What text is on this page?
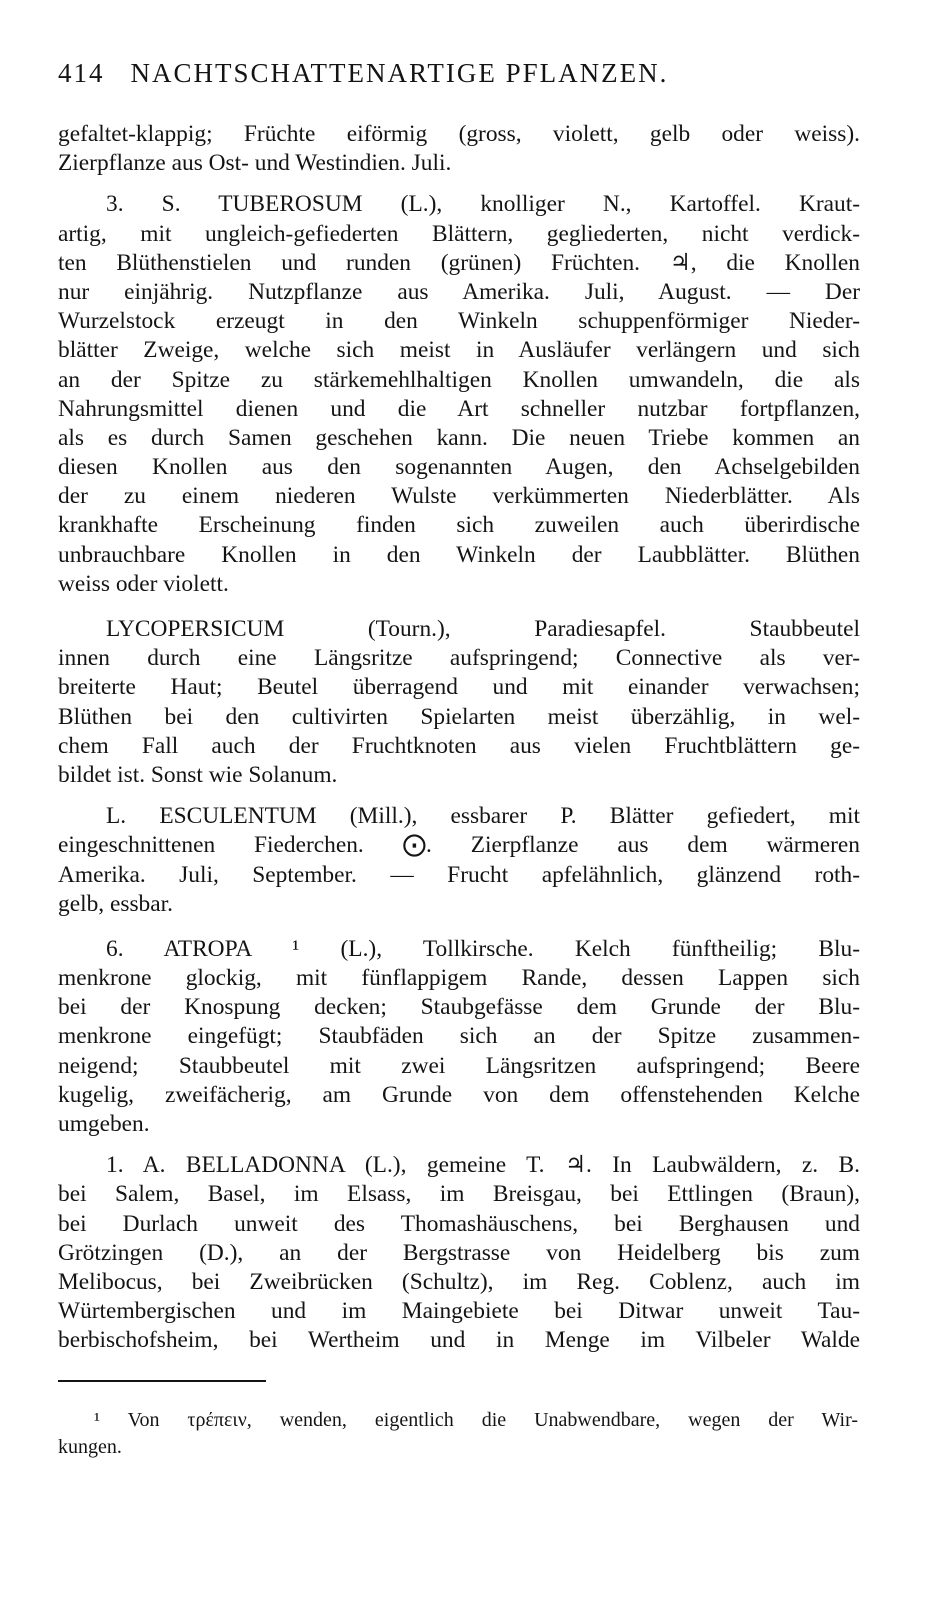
414 NACHTSCHATTENARTIGE PFLANZEN.
gefaltet-klappig; Früchte eiförmig (gross, violett, gelb oder weiss).
Zierpflanze aus Ost- und Westindien. Juli.
3. S. TUBEROSUM (L.), knolliger N., Kartoffel. Kraut-
artig, mit ungleich-gefiederten Blättern, gegliederten, nicht verdick-
ten Blüthenstielen und runden (grünen) Früchten. ♃, die Knollen
nur einjährig. Nutzpflanze aus Amerika. Juli, August. — Der
Wurzelstock erzeugt in den Winkeln schuppenförmiger Nieder-
blätter Zweige, welche sich meist in Ausläufer verlängern und sich
an der Spitze zu stärkemehlhaltigen Knollen umwandeln, die als
Nahrungsmittel dienen und die Art schneller nutzbar fortpflanzen,
als es durch Samen geschehen kann. Die neuen Triebe kommen an
diesen Knollen aus den sogenannten Augen, den Achselgebilden
der zu einem niederen Wulste verkümmerten Niederblätter. Als
krankhafte Erscheinung finden sich zuweilen auch überirdische
unbrauchbare Knollen in den Winkeln der Laubblätter. Blüthen
weiss oder violett.
LYCOPERSICUM (Tourn.), Paradiesapfel. Staubbeutel
innen durch eine Längsritze aufspringend; Connective als ver-
breiterte Haut; Beutel überragend und mit einander verwachsen;
Blüthen bei den cultivirten Spielarten meist überzählig, in wel-
chem Fall auch der Fruchtknoten aus vielen Fruchtblättern ge-
bildet ist. Sonst wie Solanum.
L. ESCULENTUM (Mill.), essbarer P. Blätter gefiedert, mit
eingeschnittenen Fiederchen. ⨀. Zierpflanze aus dem wärmeren
Amerika. Juli, September. — Frucht apfelähnlich, glänzend roth-
gelb, essbar.
6. ATROPA ¹ (L.), Tollkirsche. Kelch fünftheilig; Blu-
menkrone glockig, mit fünflappigem Rande, dessen Lappen sich
bei der Knospung decken; Staubgefässe dem Grunde der Blu-
menkrone eingefügt; Staubfäden sich an der Spitze zusammen-
neigend; Staubbeutel mit zwei Längsritzen aufspringend; Beere
kugelig, zweifächerig, am Grunde von dem offenstehenden Kelche
umgeben.
1. A. BELLADONNA (L.), gemeine T. ♃. In Laubwäldern, z. B.
bei Salem, Basel, im Elsass, im Breisgau, bei Ettlingen (Braun),
bei Durlach unweit des Thomashäuschens, bei Berghausen und
Grötzingen (D.), an der Bergstrasse von Heidelberg bis zum
Melibocus, bei Zweibrücken (Schultz), im Reg. Coblenz, auch im
Würtembergischen und im Maingebiete bei Ditwar unweit Tau-
berbischofsheim, bei Wertheim und in Menge im Vilbeler Walde
¹ Von τρέπειν, wenden, eigentlich die Unabwendbare, wegen der Wir-
kungen.
